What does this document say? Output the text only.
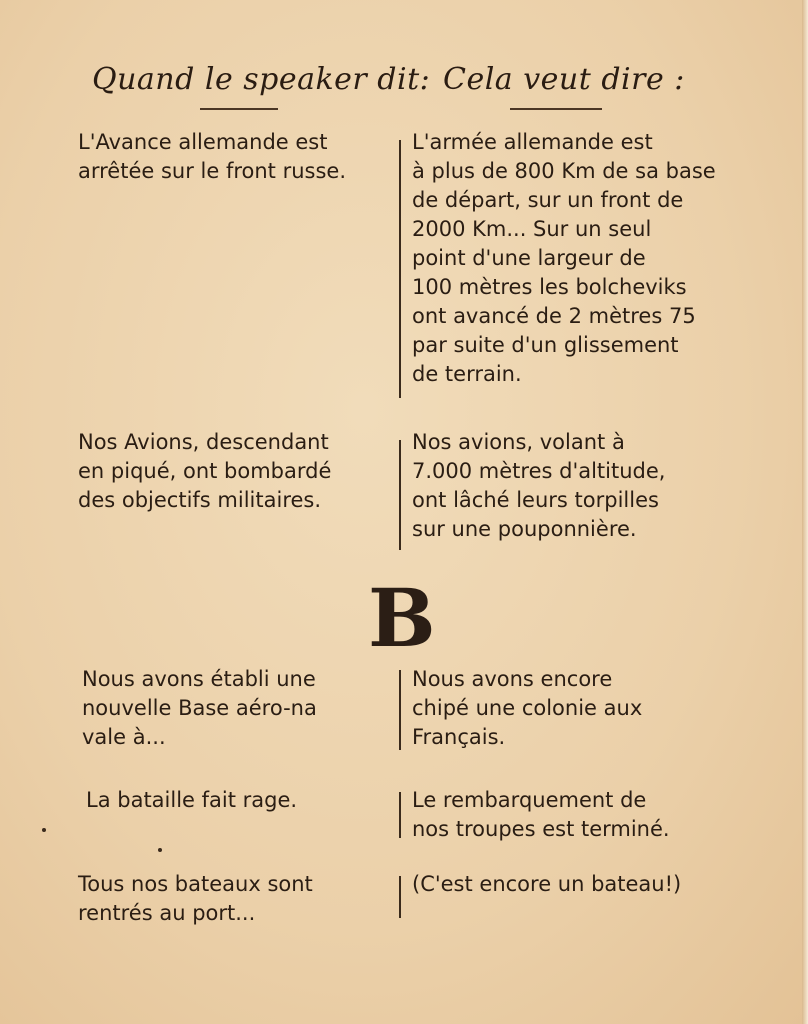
Quand le speaker dit: Cela veut dire :
L'Avance allemande est
arrêtée sur le front russe.
L'armée allemande est
à plus de 800 Km de sa base
de départ, sur un front de
2000 Km... Sur un seul
point d'une largeur de
100 mètres les bolcheviks
ont avancé de 2 mètres 75
par suite d'un glissement
de terrain.
Nos Avions, descendant
en piqué, ont bombardé
des objectifs militaires.
Nos avions, volant à
7.000 mètres d'altitude,
ont lâché leurs torpilles
sur une pouponnière.
B
Nous avons établi une
nouvelle Base aéro-na
vale à...
Nous avons encore
chipé une colonie aux
Français.
La bataille fait rage.	Le rembarquement de
nos troupes est terminé.
Tous nos bateaux sont
rentrés au port...
(C'est encore un bateau!)
